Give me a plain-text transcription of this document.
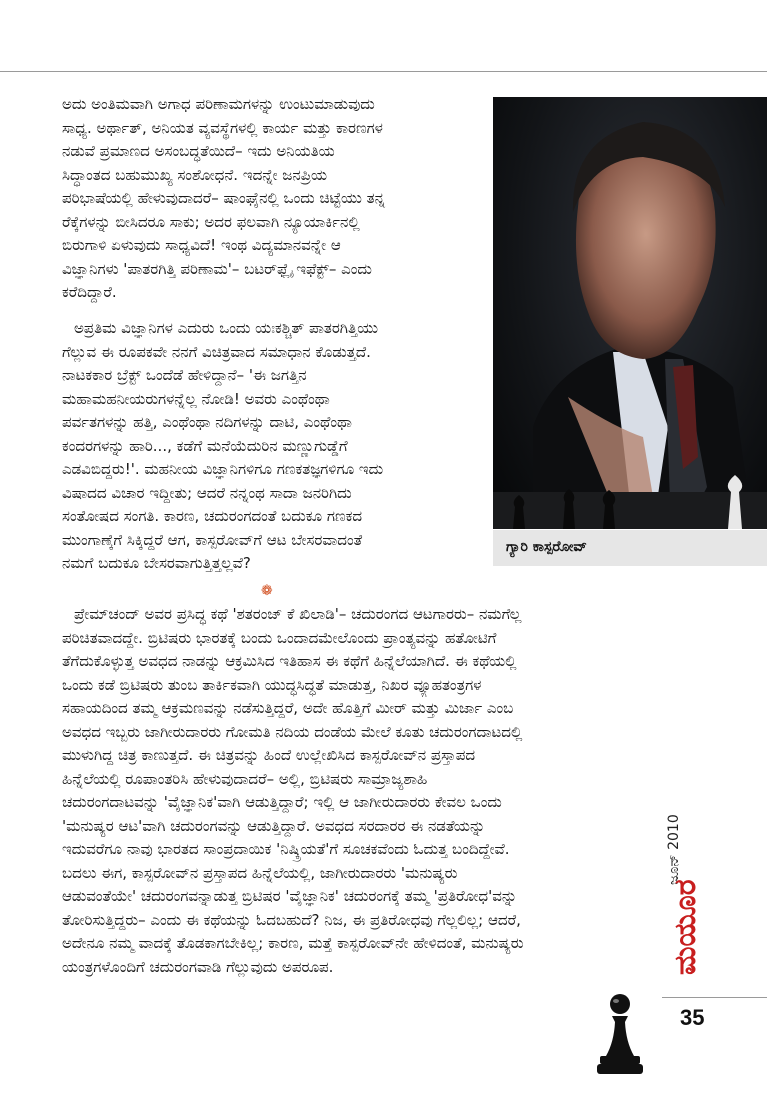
ಅದು ಅಂತಿಮವಾಗಿ ಅಗಾಧ ಪರಿಣಾಮಗಳನ್ನು ಉಂಟುಮಾಡುವುದು
ಸಾಧ್ಯ. ಅರ್ಥಾತ್, ಅನಿಯತ ವ್ಯವಸ್ಥೆಗಳಲ್ಲಿ ಕಾರ್ಯ ಮತ್ತು ಕಾರಣಗಳ
ನಡುವೆ ಪ್ರಮಾಣದ ಅಸಂಬದ್ಧತೆಯಿದೆ– ಇದು ಅನಿಯತಿಯ
ಸಿದ್ಧಾಂತದ ಬಹುಮುಖ್ಯ ಸಂಶೋಧನೆ. ಇದನ್ನೇ ಜನಪ್ರಿಯ
ಪರಿಭಾಷೆಯಲ್ಲಿ ಹೇಳುವುದಾದರೆ– ಷಾಂಘೈನಲ್ಲಿ ಒಂದು ಚಿಟ್ಟೆಯು ತನ್ನ
ರೆಕ್ಕೆಗಳನ್ನು ಬೀಸಿದರೂ ಸಾಕು; ಅದರ ಫಲವಾಗಿ ನ್ಯೂಯಾರ್ಕಿನಲ್ಲಿ
ಬಿರುಗಾಳಿ ಏಳುವುದು ಸಾಧ್ಯವಿದೆ! ಇಂಥ ವಿದ್ಯಮಾನವನ್ನೇ ಆ
ವಿಜ್ಞಾನಿಗಳು 'ಪಾತರಗಿತ್ತಿ ಪರಿಣಾಮ'– ಬಟರ್‌ಫ್ಲೈ ಇಫೆಕ್ಟ್– ಎಂದು
ಕರೆದಿದ್ದಾರೆ.
ಅಪ್ರತಿಮ ವಿಜ್ಞಾನಿಗಳ ಎದುರು ಒಂದು ಯಃಕಶ್ಚಿತ್ ಪಾತರಗಿತ್ತಿಯು
ಗೆಲ್ಲುವ ಈ ರೂಪಕವೇ ನನಗೆ ವಿಚಿತ್ರವಾದ ಸಮಾಧಾನ ಕೊಡುತ್ತದೆ.
ನಾಟಕಕಾರ ಬ್ರೆಕ್ಟ್ ಒಂದೆಡೆ ಹೇಳಿದ್ದಾನೆ– 'ಈ ಜಗತ್ತಿನ
ಮಹಾಮಹನೀಯರುಗಳನ್ನೆಲ್ಲ ನೋಡಿ! ಅವರು ಎಂಥೆಂಥಾ
ಪರ್ವತಗಳನ್ನು ಹತ್ತಿ, ಎಂಥೆಂಥಾ ನದಿಗಳನ್ನು ದಾಟಿ, ಎಂಥೆಂಥಾ
ಕಂದರಗಳನ್ನು ಹಾರಿ..., ಕಡೆಗೆ ಮನೆಯೆದುರಿನ ಮಣ್ಣುಗುಡ್ಡೆಗೆ
ಎಡವಿಬಿದ್ದರು!'. ಮಹನೀಯ ವಿಜ್ಞಾನಿಗಳಿಗೂ ಗಣಕತಜ್ಞಗಳಿಗೂ ಇದು
ವಿಷಾದದ ವಿಚಾರ ಇದ್ದೀತು; ಆದರೆ ನನ್ನಂಥ ಸಾದಾ ಜನರಿಗಿದು
ಸಂತೋಷದ ಸಂಗತಿ. ಕಾರಣ, ಚದುರಂಗದಂತೆ ಬದುಕೂ ಗಣಕದ
ಮುಂಗಾಣ್ಕೆಗೆ ಸಿಕ್ಕಿದ್ದರೆ ಆಗ, ಕಾಸ್ಪರೋವ್‌ಗೆ ಆಟ ಬೇಸರವಾದಂತೆ
ನಮಗೆ ಬದುಕೂ ಬೇಸರವಾಗುತ್ತಿತ್ತಲ್ಲವೆ?
ಗ್ಯಾರಿ ಕಾಸ್ಪರೋವ್
❁
ಪ್ರೇಮ್‌ಚಂದ್ ಅವರ ಪ್ರಸಿದ್ಧ ಕಥೆ 'ಶತರಂಜ್ ಕೆ ಖಿಲಾಡಿ'– ಚದುರಂಗದ ಆಟಗಾರರು– ನಮಗೆಲ್ಲ
ಪರಿಚಿತವಾದದ್ದೇ. ಬ್ರಿಟಿಷರು ಭಾರತಕ್ಕೆ ಬಂದು ಒಂದಾದಮೇಲೊಂದು ಪ್ರಾಂತ್ಯವನ್ನು ಹತೋಟಿಗೆ
ತೆಗೆದುಕೊಳ್ಳುತ್ತ ಅವಧದ ನಾಡನ್ನು ಆಕ್ರಮಿಸಿದ ಇತಿಹಾಸ ಈ ಕಥೆಗೆ ಹಿನ್ನೆಲೆಯಾಗಿದೆ. ಈ ಕಥೆಯಲ್ಲಿ
ಒಂದು ಕಡೆ ಬ್ರಿಟಿಷರು ತುಂಬ ತಾರ್ಕಿಕವಾಗಿ ಯುದ್ಧಸಿದ್ಧತೆ ಮಾಡುತ್ತ, ನಿಖರ ವ್ಯೂಹತಂತ್ರಗಳ
ಸಹಾಯದಿಂದ ತಮ್ಮ ಆಕ್ರಮಣವನ್ನು ನಡೆಸುತ್ತಿದ್ದರೆ, ಅದೇ ಹೊತ್ತಿಗೆ ಮೀರ್ ಮತ್ತು ಮಿರ್ಜಾ ಎಂಬ
ಅವಧದ ಇಬ್ಬರು ಜಾಗೀರುದಾರರು ಗೋಮತಿ ನದಿಯ ದಂಡೆಯ ಮೇಲೆ ಕೂತು ಚದುರಂಗದಾಟದಲ್ಲಿ
ಮುಳುಗಿದ್ದ ಚಿತ್ರ ಕಾಣುತ್ತದೆ. ಈ ಚಿತ್ರವನ್ನು ಹಿಂದೆ ಉಲ್ಲೇಖಿಸಿದ ಕಾಸ್ಪರೋವ್‌ನ ಪ್ರಸ್ತಾಪದ
ಹಿನ್ನೆಲೆಯಲ್ಲಿ ರೂಪಾಂತರಿಸಿ ಹೇಳುವುದಾದರೆ– ಅಲ್ಲಿ, ಬ್ರಿಟಿಷರು ಸಾಮ್ರಾಜ್ಯಶಾಹಿ
ಚದುರಂಗದಾಟವನ್ನು 'ವೈಜ್ಞಾನಿಕ'ವಾಗಿ ಆಡುತ್ತಿದ್ದಾರೆ; ಇಲ್ಲಿ ಆ ಜಾಗೀರುದಾರರು ಕೇವಲ ಒಂದು
'ಮನುಷ್ಯರ ಆಟ'ವಾಗಿ ಚದುರಂಗವನ್ನು ಆಡುತ್ತಿದ್ದಾರೆ. ಅವಧದ ಸರದಾರರ ಈ ನಡತೆಯನ್ನು
ಇದುವರೆಗೂ ನಾವು ಭಾರತದ ಸಾಂಪ್ರದಾಯಿಕ 'ನಿಷ್ಕ್ರಿಯತೆ'ಗೆ ಸೂಚಕವೆಂದು ಓದುತ್ತ ಬಂದಿದ್ದೇವೆ.
ಬದಲು ಈಗ, ಕಾಸ್ಪರೋವ್‌ನ ಪ್ರಸ್ತಾಪದ ಹಿನ್ನೆಲೆಯಲ್ಲಿ, ಜಾಗೀರುದಾರರು 'ಮನುಷ್ಯರು
ಆಡುವಂತೆಯೇ' ಚದುರಂಗವನ್ನಾಡುತ್ತ ಬ್ರಿಟಿಷರ 'ವೈಜ್ಞಾನಿಕ' ಚದುರಂಗಕ್ಕೆ ತಮ್ಮ 'ಪ್ರತಿರೋಧ'ವನ್ನು
ತೋರಿಸುತ್ತಿದ್ದರು– ಎಂದು ಈ ಕಥೆಯನ್ನು ಓದಬಹುದೆ? ನಿಜ, ಈ ಪ್ರತಿರೋಧವು ಗೆಲ್ಲಲಿಲ್ಲ; ಆದರೆ,
ಅದೇನೂ ನಮ್ಮ ವಾದಕ್ಕೆ ತೊಡಕಾಗಬೇಕಿಲ್ಲ; ಕಾರಣ, ಮತ್ತೆ ಕಾಸ್ಪರೋವ್‌ನೇ ಹೇಳಿದಂತೆ, ಮನುಷ್ಯರು
ಯಂತ್ರಗಳೊಂದಿಗೆ ಚದುರಂಗವಾಡಿ ಗೆಲ್ಲುವುದು ಅಪರೂಪ.
ಜೂನ್ 2010
ಮಯೂರ
35
